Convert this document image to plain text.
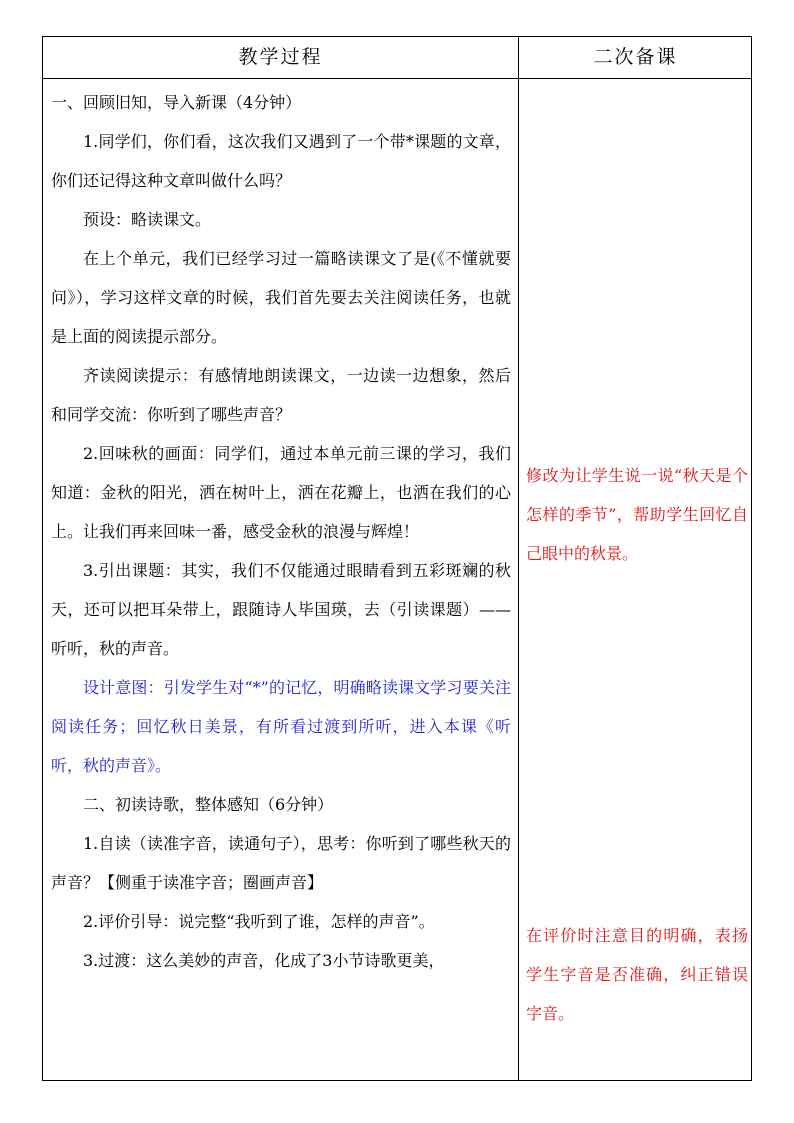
教学过程	二次备课

一、回顾旧知，导入新课（4分钟）

1.同学们，你们看，这次我们又遇到了一个带*课题的文章，你们还记得这种文章叫做什么吗？

预设：略读课文。

在上个单元，我们已经学习过一篇略读课文了是(《不懂就要问》），学习这样文章的时候，我们首先要去关注阅读任务，也就是上面的阅读提示部分。

齐读阅读提示：有感情地朗读课文，一边读一边想象，然后和同学交流：你听到了哪些声音？

2.回味秋的画面：同学们，通过本单元前三课的学习，我们知道：金秋的阳光，洒在树叶上，洒在花瓣上，也洒在我们的心上。让我们再来回味一番，感受金秋的浪漫与辉煌！

3.引出课题：其实，我们不仅能通过眼睛看到五彩斑斓的秋天，还可以把耳朵带上，跟随诗人毕国瑛，去（引读课题）——听听，秋的声音。

设计意图：引发学生对“*”的记忆，明确略读课文学习要关注阅读任务；回忆秋日美景，有所看过渡到所听，进入本课《听听，秋的声音》。

二、初读诗歌，整体感知（6分钟）

1.自读（读准字音，读通句子），思考：你听到了哪些秋天的声音？【侧重于读准字音；圈画声音】

2.评价引导：说完整“我听到了谁，怎样的声音”。

3.过渡：这么美妙的声音，化成了3小节诗歌更美，

修改为让学生说一说“秋天是个怎样的季节”，帮助学生回忆自己眼中的秋景。

在评价时注意目的明确，表扬学生字音是否准确，纠正错误字音。
